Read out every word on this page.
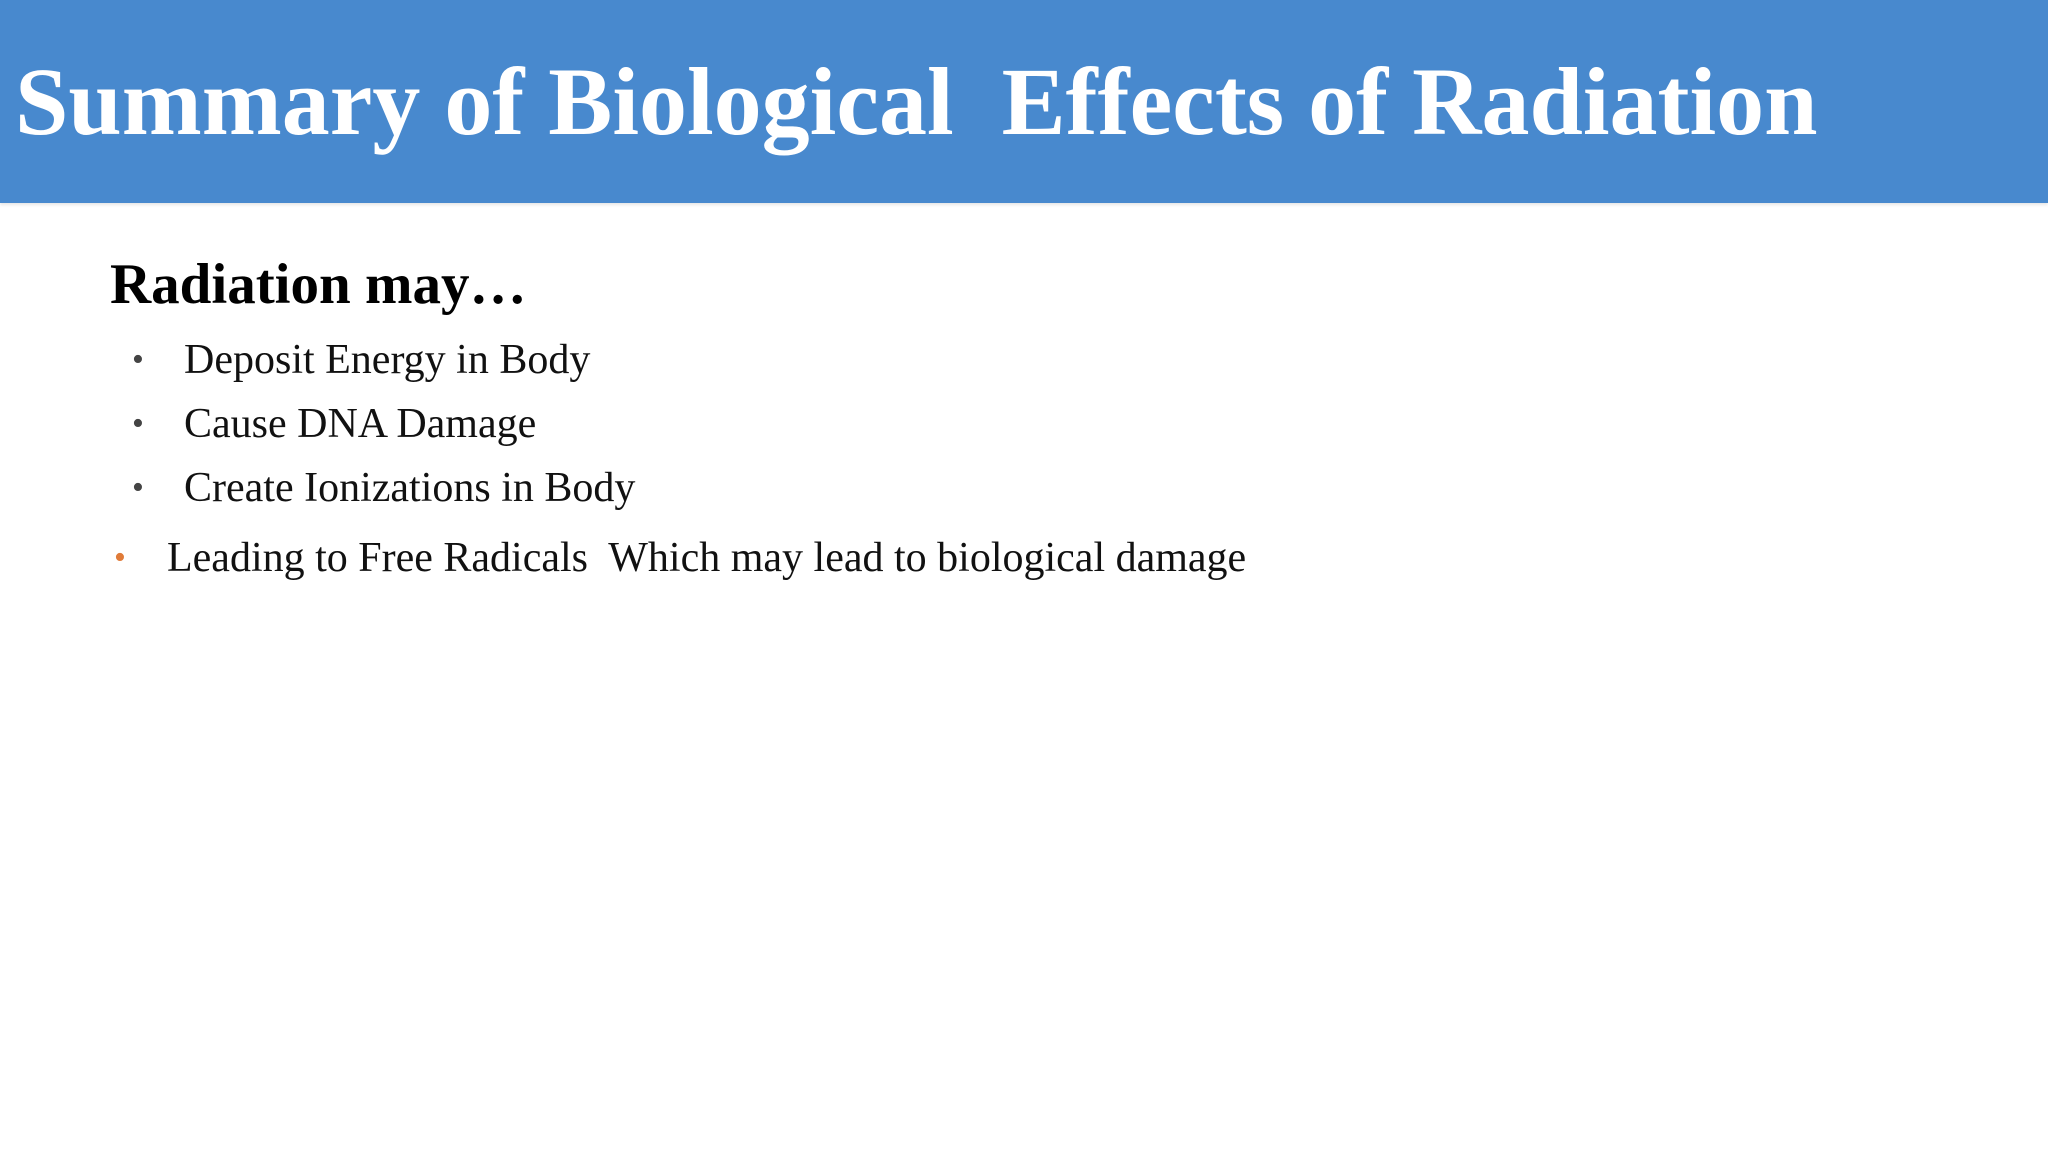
Summary of Biological  Effects of Radiation
Radiation may…

•

Deposit Energy in Body

•

Cause DNA Damage

•

Create Ionizations in Body

•

Leading to Free Radicals  Which may lead to biological damage
